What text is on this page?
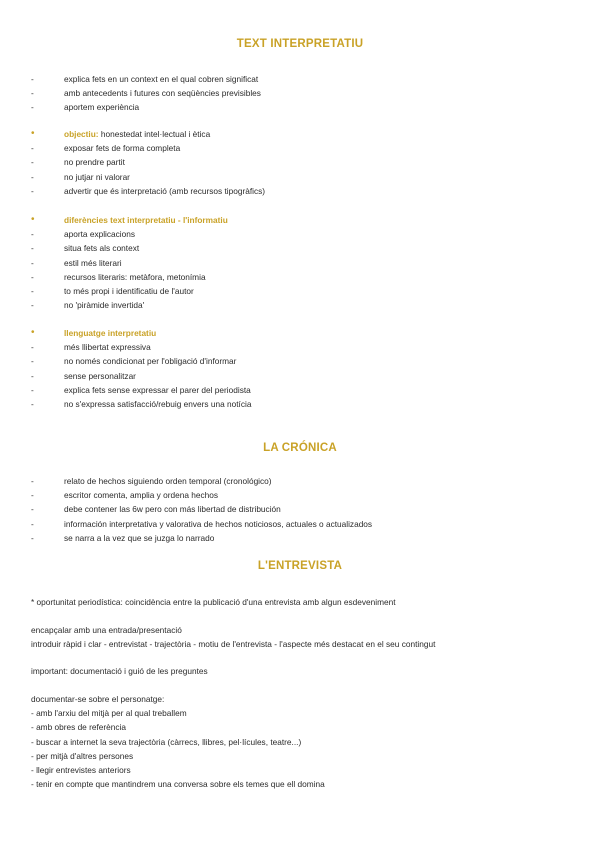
TEXT INTERPRETATIU
-	explica fets en un context en el qual cobren significat
-	amb antecedents i futures con seqüències previsibles
-	aportem experiència
•	objectiu: honestedat intel·lectual i ètica
-	exposar fets de forma completa
-	no prendre partit
-	no jutjar ni valorar
-	advertir que és interpretació (amb recursos tipogràfics)
•	diferències text interpretatiu - l'informatiu
-	aporta explicacions
-	situa fets als context
-	estil més literari
-	recursos literaris: metàfora, metonímia
-	to més propi i identificatiu de l'autor
-	no 'piràmide invertida'
•	llenguatge interpretatiu
-	més llibertat expressiva
-	no només condicionat per l'obligació d'informar
-	sense personalitzar
-	explica fets sense expressar el parer del periodista
-	no s'expressa satisfacció/rebuig envers una notícia
LA CRÓNICA
-	relato de hechos siguiendo orden temporal (cronológico)
-	escritor comenta, amplia y ordena hechos
-	debe contener las 6w pero con más libertad de distribución
-	información interpretativa y valorativa de hechos noticiosos, actuales o actualizados
-	se narra a la vez que se juzga lo narrado
L'ENTREVISTA
* oportunitat periodística: coincidència entre la publicació d'una entrevista amb algun esdeveniment
encapçalar amb una entrada/presentació
introduir ràpid i clar - entrevistat - trajectòria - motiu de l'entrevista - l'aspecte més destacat en el seu contingut
important: documentació i guió de les preguntes
documentar-se sobre el personatge:
- amb l'arxiu del mitjà per al qual treballem
- amb obres de referència
- buscar a internet la seva trajectòria (càrrecs, llibres, pel·lícules, teatre...)
- per mitjà d'altres persones
- llegir entrevistes anteriors
- tenir en compte que mantindrem una conversa sobre els temes que ell domina
